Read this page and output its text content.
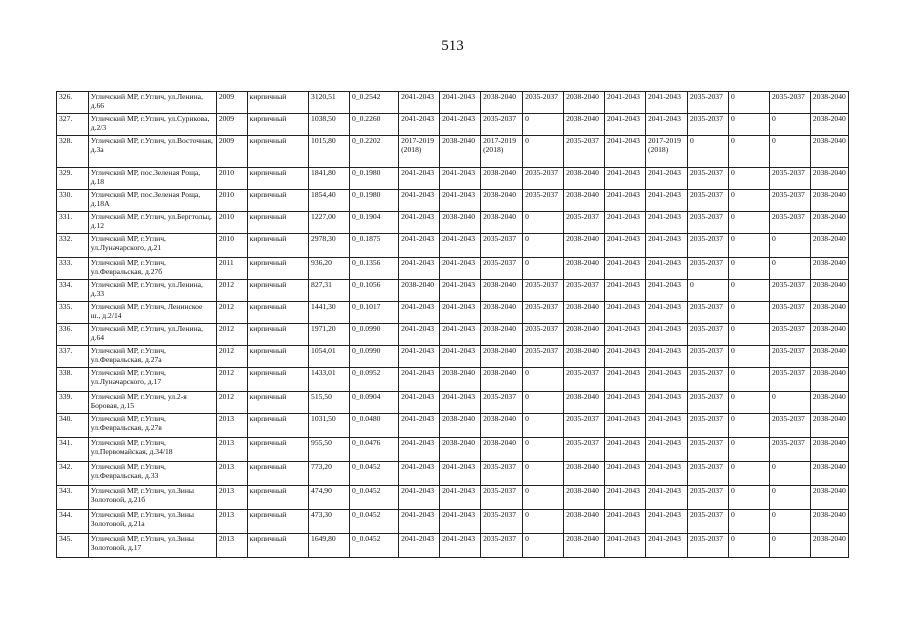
513
326.	Угличский МР, г.Углич, ул.Ленина, д.66	2009	кирпичный	3120,51	0_0.2542	2041-2043	2041-2043	2038-2040	2035-2037	2038-2040	2041-2043	2041-2043	2035-2037	0	2035-2037	2038-2040
327.	Угличский МР, г.Углич, ул.Сурикова, д.2/3	2009	кирпичный	1038,50	0_0.2260	2041-2043	2041-2043	2035-2037	0	2038-2040	2041-2043	2041-2043	2035-2037	0	0	2038-2040
328.	Угличский МР, г.Углич, ул.Восточная, д.3а	2009	кирпичный	1015,80	0_0.2202	2017-2019 (2018)	2038-2040	2017-2019 (2018)	0	2035-2037	2041-2043	2017-2019 (2018)	0	0	0	2038-2040
329.	Угличский МР, пос.Зеленая Роща, д.18	2010	кирпичный	1841,80	0_0.1980	2041-2043	2041-2043	2038-2040	2035-2037	2038-2040	2041-2043	2041-2043	2035-2037	0	2035-2037	2038-2040
330.	Угличский МР, пос.Зеленая Роща, д.18А	2010	кирпичный	1854,40	0_0.1980	2041-2043	2041-2043	2038-2040	2035-2037	2038-2040	2041-2043	2041-2043	2035-2037	0	2035-2037	2038-2040
331.	Угличский МР, г.Углич, ул.Бергтольц, д.12	2010	кирпичный	1227,00	0_0.1904	2041-2043	2038-2040	2038-2040	0	2035-2037	2041-2043	2041-2043	2035-2037	0	2035-2037	2038-2040
332.	Угличский МР, г.Углич, ул.Луначарского, д.21	2010	кирпичный	2978,30	0_0.1875	2041-2043	2041-2043	2035-2037	0	2038-2040	2041-2043	2041-2043	2035-2037	0	0	2038-2040
333.	Угличский МР, г.Углич, ул.Февральская, д.27б	2011	кирпичный	936,20	0_0.1356	2041-2043	2041-2043	2035-2037	0	2038-2040	2041-2043	2041-2043	2035-2037	0	0	2038-2040
334.	Угличский МР, г.Углич, ул.Ленина, д.33	2012	кирпичный	827,31	0_0.1056	2038-2040	2041-2043	2038-2040	2035-2037	2035-2037	2041-2043	2041-2043	0	0	2035-2037	2038-2040
335.	Угличский МР, г.Углич, Ленинское ш., д.2/14	2012	кирпичный	1441,30	0_0.1017	2041-2043	2041-2043	2038-2040	2035-2037	2038-2040	2041-2043	2041-2043	2035-2037	0	2035-2037	2038-2040
336.	Угличский МР, г.Углич, ул.Ленина, д.64	2012	кирпичный	1971,20	0_0.0990	2041-2043	2041-2043	2038-2040	2035-2037	2038-2040	2041-2043	2041-2043	2035-2037	0	2035-2037	2038-2040
337.	Угличский МР, г.Углич, ул.Февральская, д.27а	2012	кирпичный	1054,01	0_0.0990	2041-2043	2041-2043	2038-2040	2035-2037	2038-2040	2041-2043	2041-2043	2035-2037	0	2035-2037	2038-2040
338.	Угличский МР, г.Углич, ул.Луначарского, д.17	2012	кирпичный	1433,01	0_0.0952	2041-2043	2038-2040	2038-2040	0	2035-2037	2041-2043	2041-2043	2035-2037	0	2035-2037	2038-2040
339.	Угличский МР, г.Углич, ул.2-я Боровая, д.15	2012	кирпичный	515,50	0_0.0904	2041-2043	2041-2043	2035-2037	0	2038-2040	2041-2043	2041-2043	2035-2037	0	0	2038-2040
340.	Угличский МР, г.Углич, ул.Февральская, д.27в	2013	кирпичный	1031,50	0_0.0480	2041-2043	2038-2040	2038-2040	0	2035-2037	2041-2043	2041-2043	2035-2037	0	2035-2037	2038-2040
341.	Угличский МР, г.Углич, ул.Первомайская, д.34/18	2013	кирпичный	955,50	0_0.0476	2041-2043	2038-2040	2038-2040	0	2035-2037	2041-2043	2041-2043	2035-2037	0	2035-2037	2038-2040
342.	Угличский МР, г.Углич, ул.Февральская, д.33	2013	кирпичный	773,20	0_0.0452	2041-2043	2041-2043	2035-2037	0	2038-2040	2041-2043	2041-2043	2035-2037	0	0	2038-2040
343.	Угличский МР, г.Углич, ул.Зины Золотовой, д.21б	2013	кирпичный	474,90	0_0.0452	2041-2043	2041-2043	2035-2037	0	2038-2040	2041-2043	2041-2043	2035-2037	0	0	2038-2040
344.	Угличский МР, г.Углич, ул.Зины Золотовой, д.21а	2013	кирпичный	473,30	0_0.0452	2041-2043	2041-2043	2035-2037	0	2038-2040	2041-2043	2041-2043	2035-2037	0	0	2038-2040
345.	Угличский МР, г.Углич, ул.Зины Золотовой, д.17	2013	кирпичный	1649,80	0_0.0452	2041-2043	2041-2043	2035-2037	0	2038-2040	2041-2043	2041-2043	2035-2037	0	0	2038-2040
